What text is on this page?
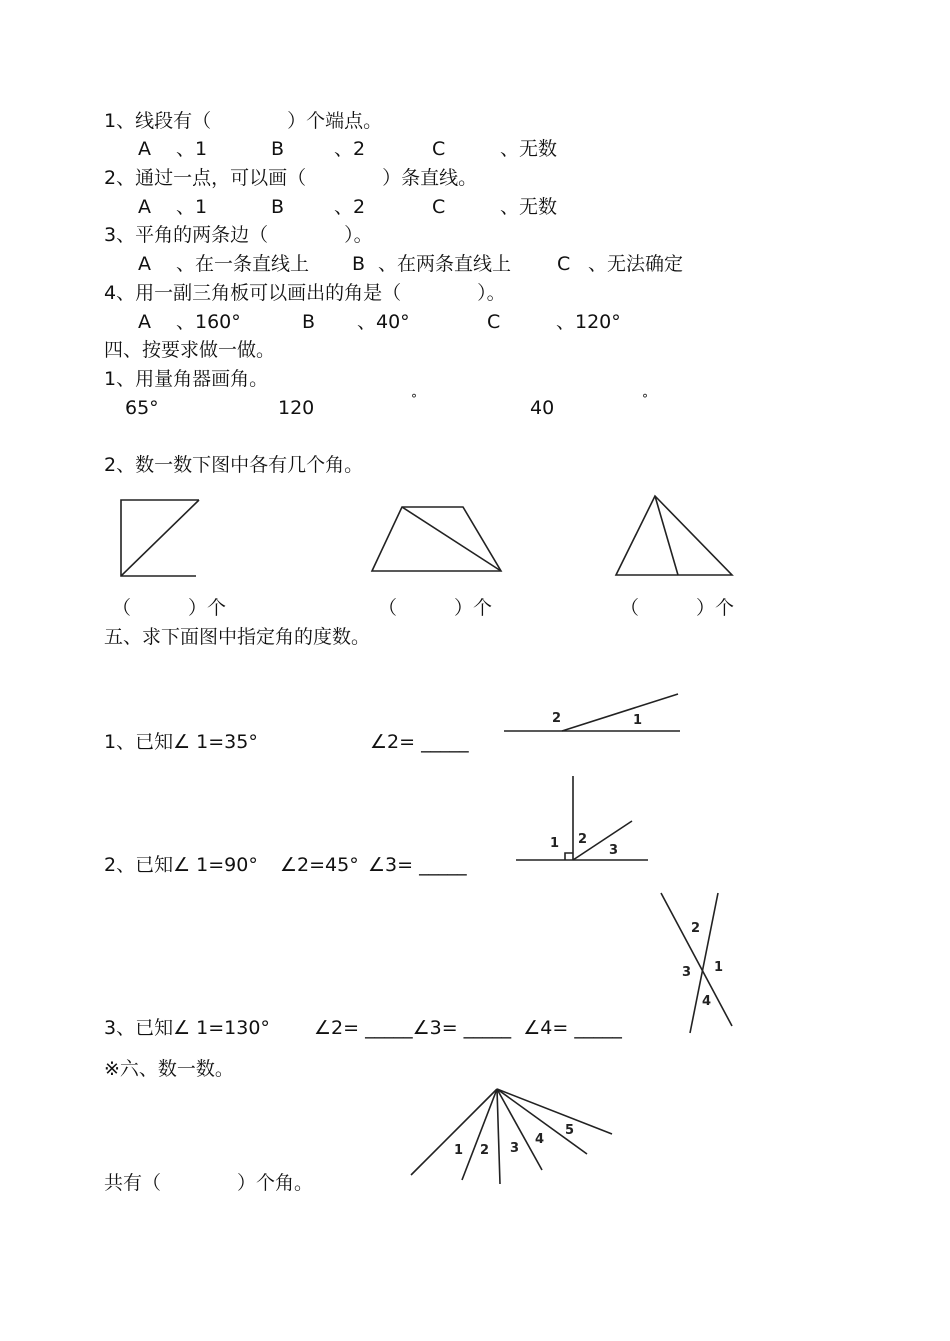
1、线段有（　　　　）个端点。
A 、1	B	、2	C	、无数
2、通过一点，可以画（　　　　）条直线。
A 、1	B	、2	C	、无数
3、平角的两条边（　　　　）。
A 、在一条直线上 B 、在两条直线上 C 、无法确定
4、用一副三角板可以画出的角是（　　　　）。
A 、160°	B 、40°	C	、120°
四、按要求做一做。
1、用量角器画角。
65°	120	°	40	°
2、数一数下图中各有几个角。
（　　　）个	（　　　）个	（　　　）个
五、求下面图中指定角的度数。
1、已知∠ 1=35°	∠2= _____
2	1
2、已知∠ 1=90° ∠2=45° ∠3= _____
1 2
3
3、已知∠ 1=130° ∠2= _____∠3= _____  ∠4= _____
2
1
3
4
※六、数一数。
1 2 3
4
5
共有（　　　　）个角。
